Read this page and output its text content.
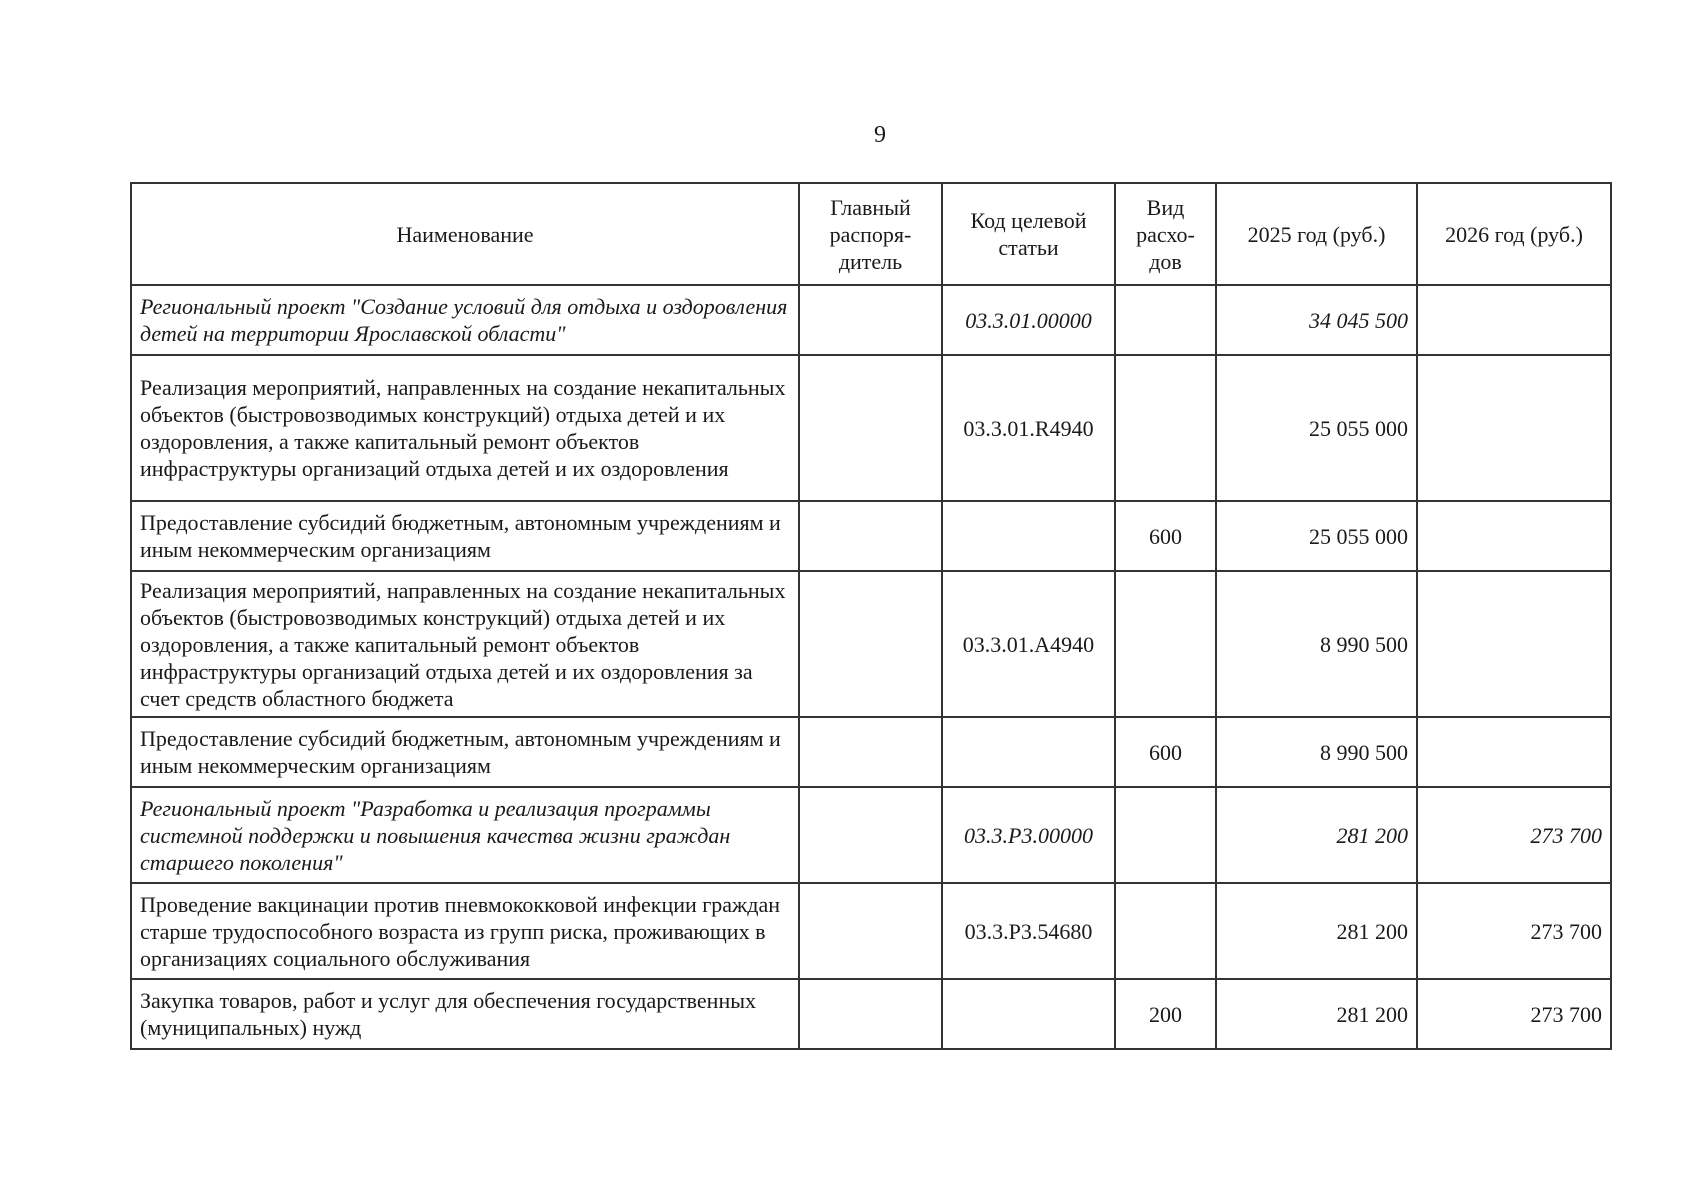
9
Наименование	Главный распоря-дитель	Код целевой статьи	Вид расхо-дов	2025 год (руб.)	2026 год (руб.)
Региональный проект "Создание условий для отдыха и оздоровления детей на территории Ярославской области"		03.3.01.00000		34 045 500	
Реализация мероприятий, направленных на создание некапитальных объектов (быстровозводимых конструкций) отдыха детей и их оздоровления, а также капитальный ремонт объектов инфраструктуры организаций отдыха детей и их оздоровления		03.3.01.R4940		25 055 000	
Предоставление субсидий бюджетным, автономным учреждениям и иным некоммерческим организациям			600	25 055 000	
Реализация мероприятий, направленных на создание некапитальных объектов (быстровозводимых конструкций) отдыха детей и их оздоровления, а также капитальный ремонт объектов инфраструктуры организаций отдыха детей и их оздоровления за счет средств областного бюджета		03.3.01.А4940		8 990 500	
Предоставление субсидий бюджетным, автономным учреждениям и иным некоммерческим организациям			600	8 990 500	
Региональный проект "Разработка и реализация программы системной поддержки и повышения качества жизни граждан старшего поколения"		03.3.Р3.00000		281 200	273 700
Проведение вакцинации против пневмококковой инфекции граждан старше трудоспособного возраста из групп риска, проживающих в организациях социального обслуживания		03.3.Р3.54680		281 200	273 700
Закупка товаров, работ и услуг для обеспечения государственных (муниципальных) нужд			200	281 200	273 700
